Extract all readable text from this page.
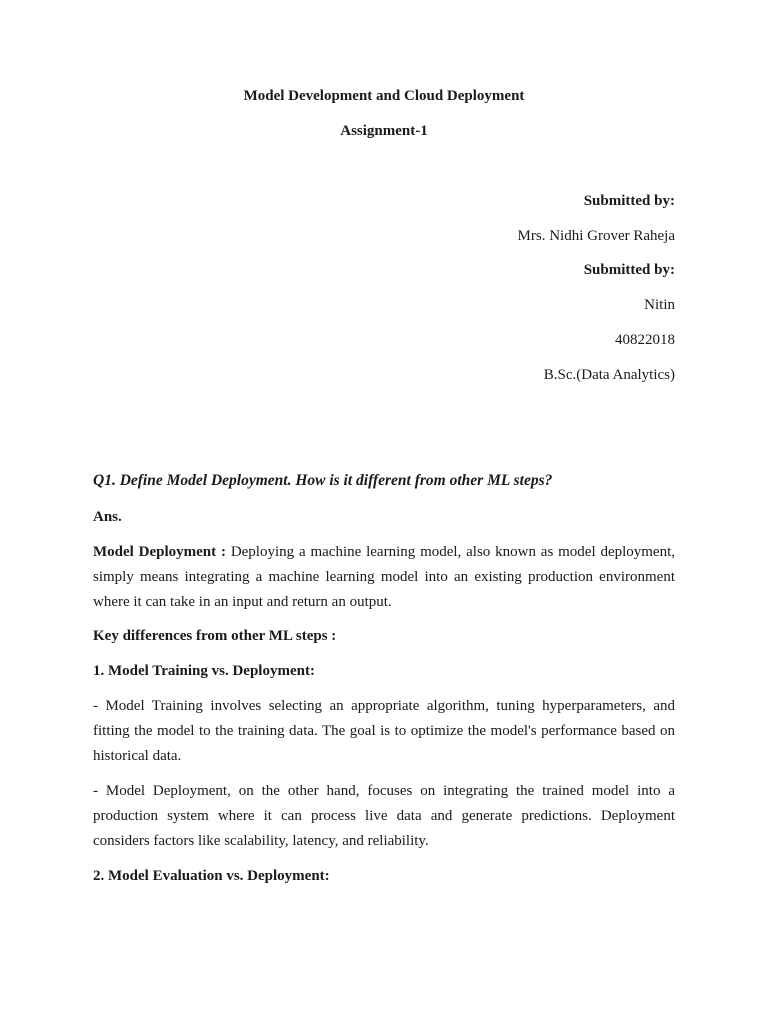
Model Development and Cloud Deployment
Assignment-1
Submitted by:
Mrs. Nidhi Grover Raheja
Submitted by:
Nitin
40822018
B.Sc.(Data Analytics)
Q1. Define Model Deployment. How is it different from other ML steps?
Ans.
Model Deployment : Deploying a machine learning model, also known as model deployment, simply means integrating a machine learning model into an existing production environment where it can take in an input and return an output.
Key differences from other ML steps :
1. Model Training vs. Deployment:
- Model Training involves selecting an appropriate algorithm, tuning hyperparameters, and fitting the model to the training data. The goal is to optimize the model's performance based on historical data.
- Model Deployment, on the other hand, focuses on integrating the trained model into a production system where it can process live data and generate predictions. Deployment considers factors like scalability, latency, and reliability.
2. Model Evaluation vs. Deployment:
